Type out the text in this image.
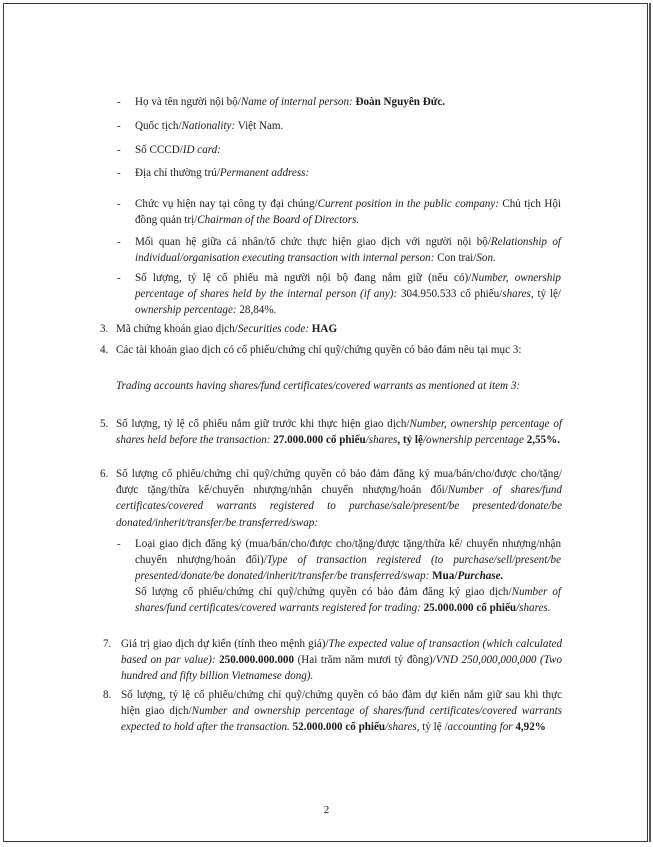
- Họ và tên người nội bộ/Name of internal person: Đoàn Nguyên Đức.
- Quốc tịch/Nationality: Việt Nam.
- Số CCCD/ID card:
- Địa chỉ thường trú/Permanent address:
- Chức vụ hiện nay tại công ty đại chúng/Current position in the public company: Chủ tịch Hội đồng quản trị/Chairman of the Board of Directors.
- Mối quan hệ giữa cá nhân/tổ chức thực hiện giao dịch với người nội bộ/Relationship of individual/organisation executing transaction with internal person: Con trai/Son.
- Số lượng, tỷ lệ cổ phiếu mà người nội bộ đang nắm giữ (nếu có)/Number, ownership percentage of shares held by the internal person (if any): 304.950.533 cổ phiếu/shares, tỷ lệ/ ownership percentage: 28,84%.
3. Mã chứng khoán giao dịch/Securities code: HAG
4. Các tài khoản giao dịch có cổ phiếu/chứng chỉ quỹ/chứng quyền có bảo đảm nêu tại mục 3:
Trading accounts having shares/fund certificates/covered warrants as mentioned at item 3:
5. Số lượng, tỷ lệ cổ phiếu nắm giữ trước khi thực hiện giao dịch/Number, ownership percentage of shares held before the transaction: 27.000.000 cổ phiếu/shares, tỷ lệ/ownership percentage 2,55%.
6. Số lượng cổ phiếu/chứng chỉ quỹ/chứng quyền có bảo đảm đăng ký mua/bán/cho/được cho/tặng/được tặng/thừa kế/chuyển nhượng/nhận chuyển nhượng/hoán đổi/Number of shares/fund certificates/covered warrants registered to purchase/sale/present/be presented/donate/be donated/inherit/transfer/be transferred/swap:
- Loại giao dịch đăng ký (mua/bán/cho/được cho/tặng/được tặng/thừa kế/ chuyển nhượng/nhận chuyển nhượng/hoán đổi)/Type of transaction registered (to purchase/sell/present/be presented/donate/be donated/inherit/transfer/be transferred/swap: Mua/Purchase.
Số lượng cổ phiếu/chứng chỉ quỹ/chứng quyền có bảo đảm đăng ký giao dịch/Number of shares/fund certificates/covered warrants registered for trading: 25.000.000 cổ phiếu/shares.
7. Giá trị giao dịch dự kiến (tính theo mệnh giá)/The expected value of transaction (which calculated based on par value): 250.000.000.000 (Hai trăm năm mươi tỷ đồng)/VND 250,000,000,000 (Two hundred and fifty billion Vietnamese dong).
8. Số lượng, tỷ lệ cổ phiếu/chứng chỉ quỹ/chứng quyền có bảo đảm dự kiến nắm giữ sau khi thực hiện giao dịch/Number and ownership percentage of shares/fund certificates/covered warrants expected to hold after the transaction. 52.000.000 cổ phiếu/shares, tỷ lệ /accounting for 4,92%
2
